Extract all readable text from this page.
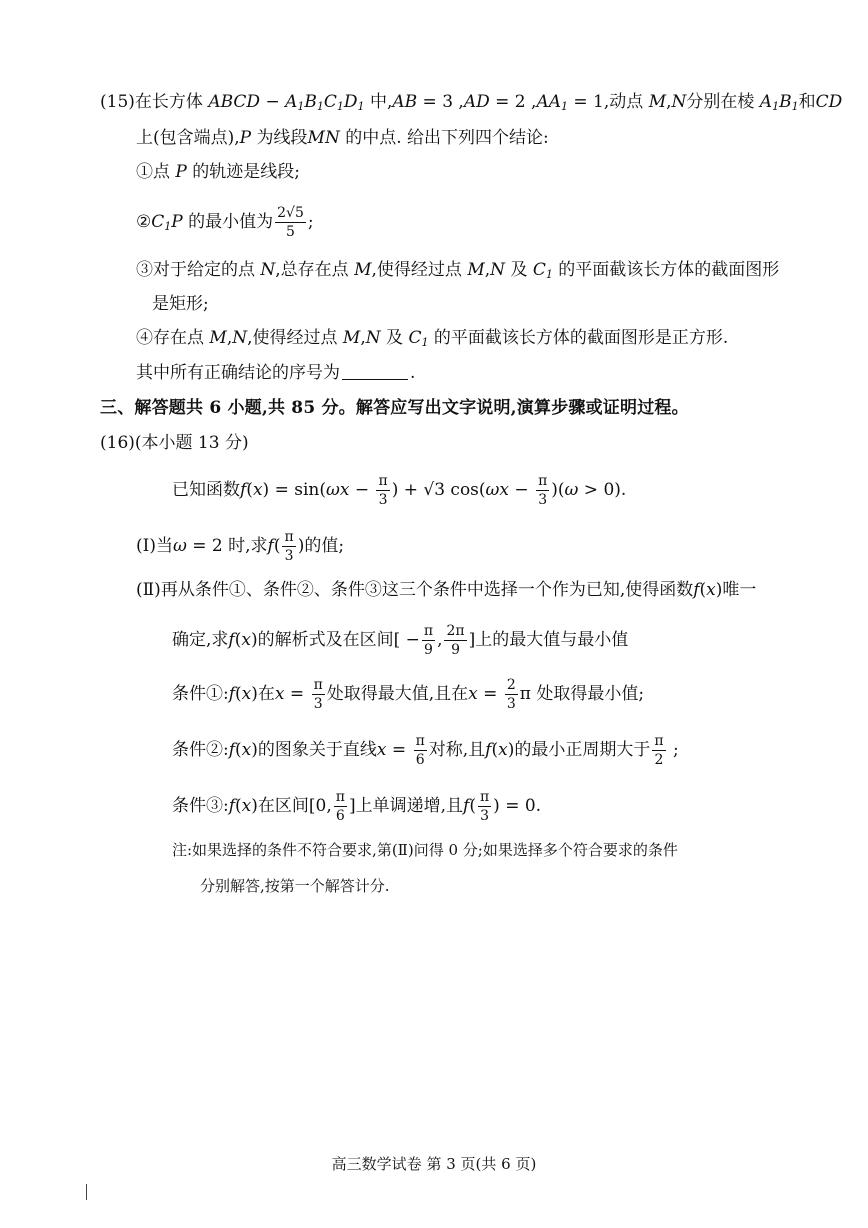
(15)在长方体 ABCD − $A_1B_1C_1D_1$ 中,AB = 3 ,AD = 2 $,AA_1 = 1$,动点 M,N分别在棱 $A_1B_1$和CD
上(包含端点),P 为线段MN 的中点. 给出下列四个结论:
①点 P 的轨迹是线段;
$②C_1P$ 的最小值为 $\frac{2√5}{5}$ ;
③对于给定的点 N,总存在点 M,使得经过点 M,N 及 $C_1$ 的平面截该长方体的截面图形
是矩形;
④存在点 M,N,使得经过点 M,N 及 $C_1$ 的平面截该长方体的截面图形是正方形.
其中所有正确结论的序号为	.
三、解答题共 6 小题,共 85 分。解答应写出文字说明,演算步骤或证明过程。
(16)(本小题 13 分)
已知函数$f(x) = \sin(\omega x - \frac{\pi}{3}$ ) + √3 $\cos(\omega x - \frac{\pi}{3} )(\omega > 0)$.
(Ⅰ)当ω = 2 时,求$f( \frac{\pi}{3}$ )的值;
(Ⅱ)再从条件①、条件②、条件③这三个条件中选择一个作为已知,使得函数f(x)唯一
确定,求f(x)的解析式及在区间[ − $\frac{\pi}{9}$ , $\frac{2\pi}{9}$ ]上的最大值与最小值
条件①:f(x)在$x = \frac{\pi}{3}$ 处取得最大值,且在$x = \frac{2}{3}$ π 处取得最小值;
条件②:f(x)的图象关于直线$x = \frac{\pi}{6}$ 对称,且f(x)的最小正周期大于 $\frac{\pi}{2}$ ;
条件③:f(x)在区间[0, $\frac{\pi}{6}$ ]上单调递增,且$f( \frac{\pi}{3}$ ) = 0.
注:如果选择的条件不符合要求,第(Ⅱ)问得 0 分;如果选择多个符合要求的条件
分别解答,按第一个解答计分.
高三数学试卷 第 3 页(共 6 页)
